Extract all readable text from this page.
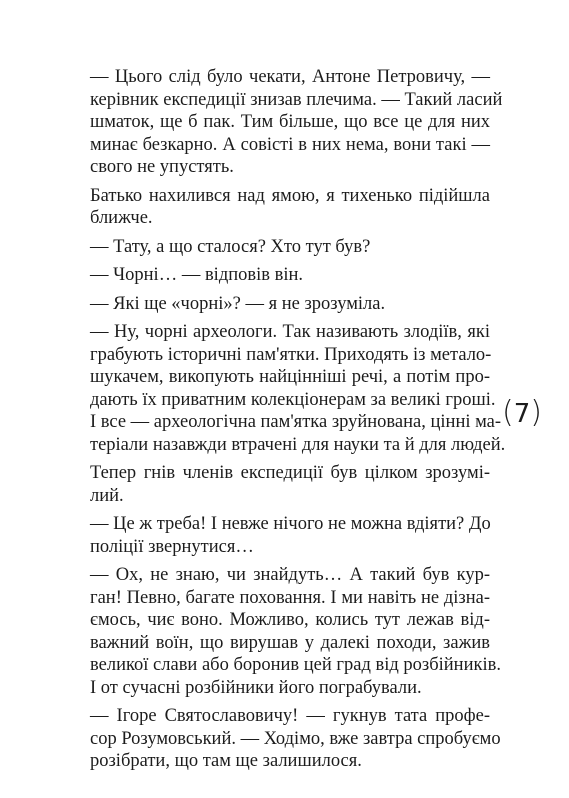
— Цього слід було чекати, Антоне Петровичу, —
керівник експедиції знизав плечима. — Такий ласий
шматок, ще б пак. Тим більше, що все це для них
минає безкарно. А совісті в них нема, вони такі —
свого не упустять.
Батько нахилився над ямою, я тихенько підійшла
ближче.
— Тату, а що сталося? Хто тут був?
— Чорні… — відповів він.
— Які ще «чорні»? — я не зрозуміла.
— Ну, чорні археологи. Так називають злодіїв, які
грабують історичні пам'ятки. Приходять із метало-
шукачем, викопують найцінніші речі, а потім про-
дають їх приватним колекціонерам за великі гроші.
І все — археологічна пам'ятка зруйнована, цінні ма-
теріали назавжди втрачені для науки та й для людей.
Тепер гнів членів експедиції був цілком зрозумі-
лий.
— Це ж треба! І невже нічого не можна вдіяти? До
поліції звернутися…
— Ох, не знаю, чи знайдуть… А такий був кур-
ган! Певно, багате поховання. І ми навіть не дізна-
ємось, чиє воно. Можливо, колись тут лежав від-
важний воїн, що вирушав у далекі походи, зажив
великої слави або боронив цей град від розбійників.
І от сучасні розбійники його пограбували.
— Ігоре Святославовичу! — гукнув тата профе-
сор Розумовський. — Ходімо, вже завтра спробуємо
розібрати, що там ще залишилося.
(7)
